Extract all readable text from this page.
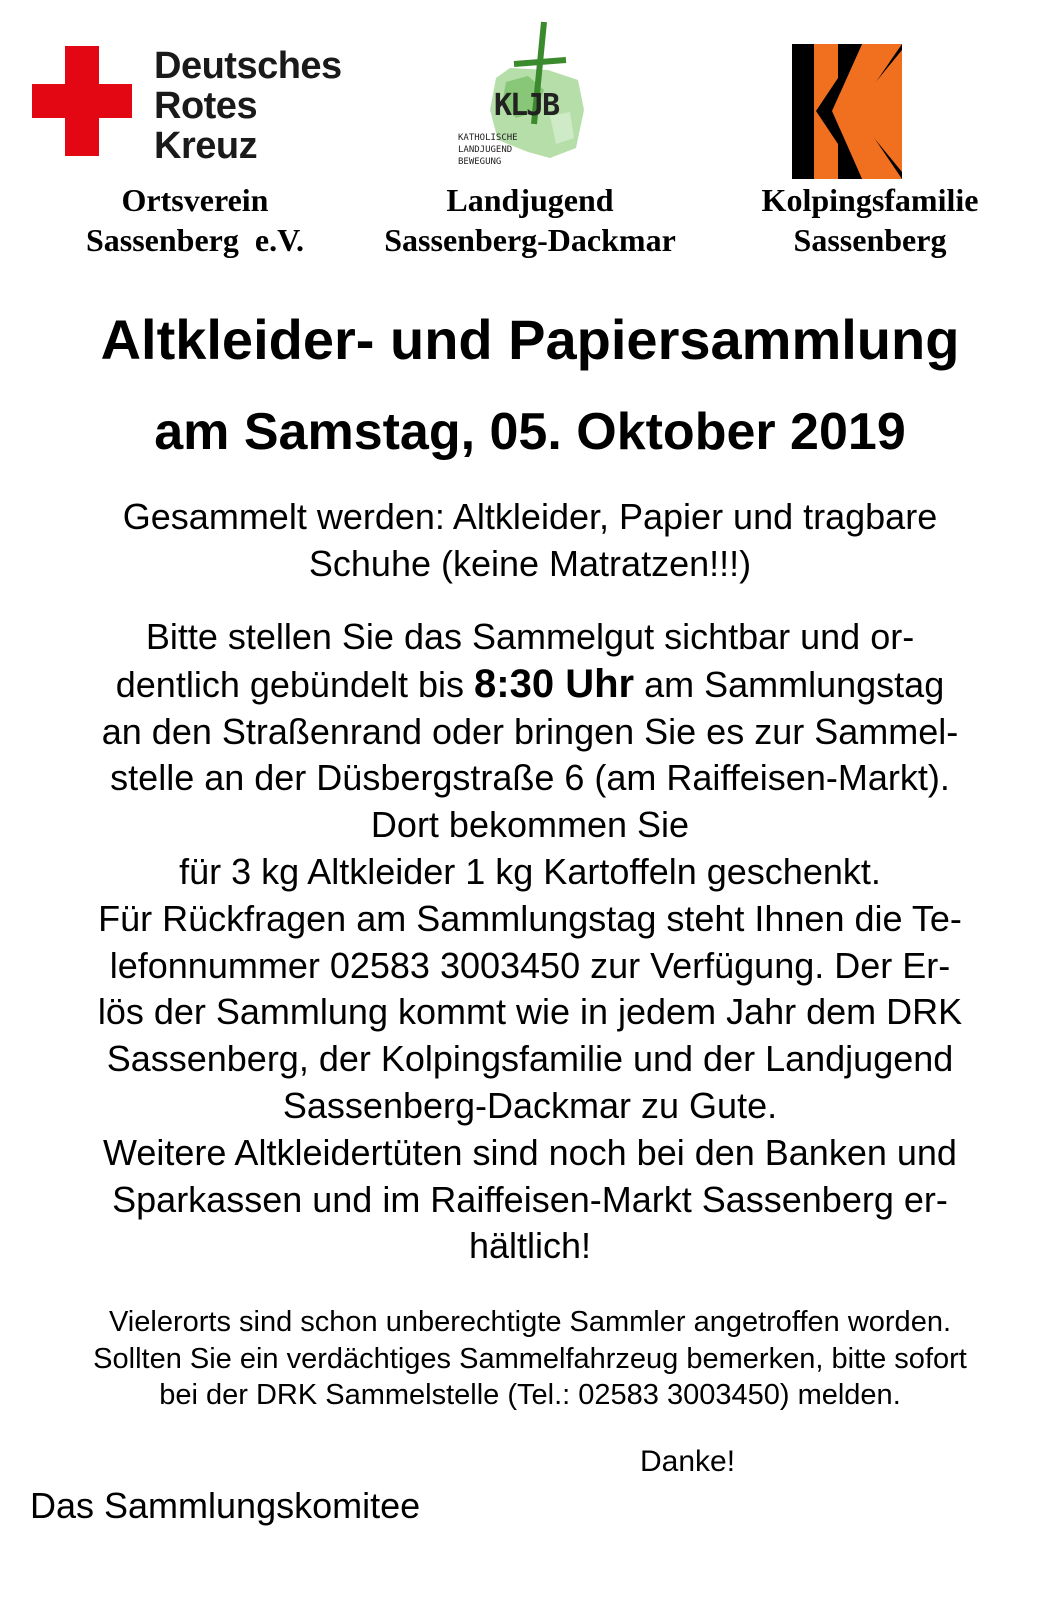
Deutsches
Rotes
Kreuz
KLJB
KATHOLISCHE
LANDJUGEND
BEWEGUNG
Ortsverein
Sassenberg  e.V.
Landjugend
Sassenberg-Dackmar
Kolpingsfamilie
Sassenberg
Altkleider- und Papiersammlung
am Samstag, 05. Oktober 2019
Gesammelt werden: Altkleider, Papier und tragbare
Schuhe (keine Matratzen!!!)
Bitte stellen Sie das Sammelgut sichtbar und or-
dentlich gebündelt bis 8:30 Uhr am Sammlungstag
an den Straßenrand oder bringen Sie es zur Sammel-
stelle an der Düsbergstraße 6 (am Raiffeisen-Markt).
Dort bekommen Sie
für 3 kg Altkleider 1 kg Kartoffeln geschenkt.
Für Rückfragen am Sammlungstag steht Ihnen die Te-
lefonnummer 02583 3003450 zur Verfügung. Der Er-
lös der Sammlung kommt wie in jedem Jahr dem DRK
Sassenberg, der Kolpingsfamilie und der Landjugend
Sassenberg-Dackmar zu Gute.
Weitere Altkleidertüten sind noch bei den Banken und
Sparkassen und im Raiffeisen-Markt Sassenberg er-
hältlich!
Vielerorts sind schon unberechtigte Sammler angetroffen worden.
Sollten Sie ein verdächtiges Sammelfahrzeug bemerken, bitte sofort
bei der DRK Sammelstelle (Tel.: 02583 3003450) melden.
Danke!
Das Sammlungskomitee
